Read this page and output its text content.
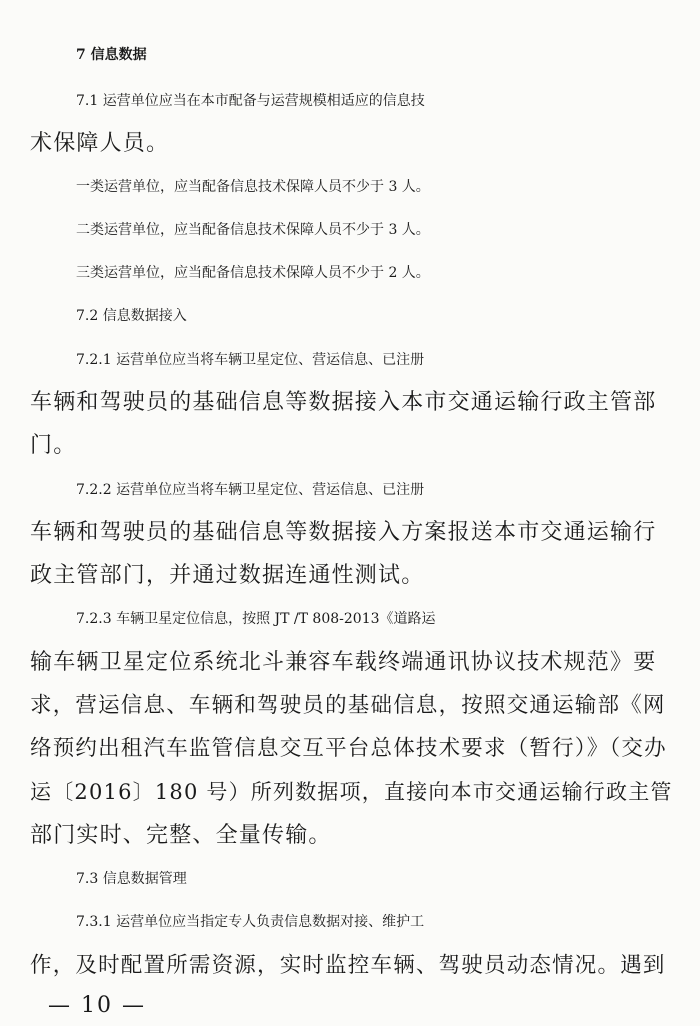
7 信息数据

7.1 运营单位应当在本市配备与运营规模相适应的信息技

术保障人员。

一类运营单位，应当配备信息技术保障人员不少于 3 人。

二类运营单位，应当配备信息技术保障人员不少于 3 人。

三类运营单位，应当配备信息技术保障人员不少于 2 人。

7.2 信息数据接入

7.2.1 运营单位应当将车辆卫星定位、营运信息、已注册

车辆和驾驶员的基础信息等数据接入本市交通运输行政主管部

门。

7.2.2 运营单位应当将车辆卫星定位、营运信息、已注册

车辆和驾驶员的基础信息等数据接入方案报送本市交通运输行

政主管部门，并通过数据连通性测试。

7.2.3 车辆卫星定位信息，按照 JT /T 808-2013《道路运

输车辆卫星定位系统北斗兼容车载终端通讯协议技术规范》要

求，营运信息、车辆和驾驶员的基础信息，按照交通运输部《网

络预约出租汽车监管信息交互平台总体技术要求（暂行）》（交办

运〔2016〕180 号）所列数据项，直接向本市交通运输行政主管

部门实时、完整、全量传输。

7.3 信息数据管理

7.3.1 运营单位应当指定专人负责信息数据对接、维护工

作，及时配置所需资源，实时监控车辆、驾驶员动态情况。遇到

— 10 —
